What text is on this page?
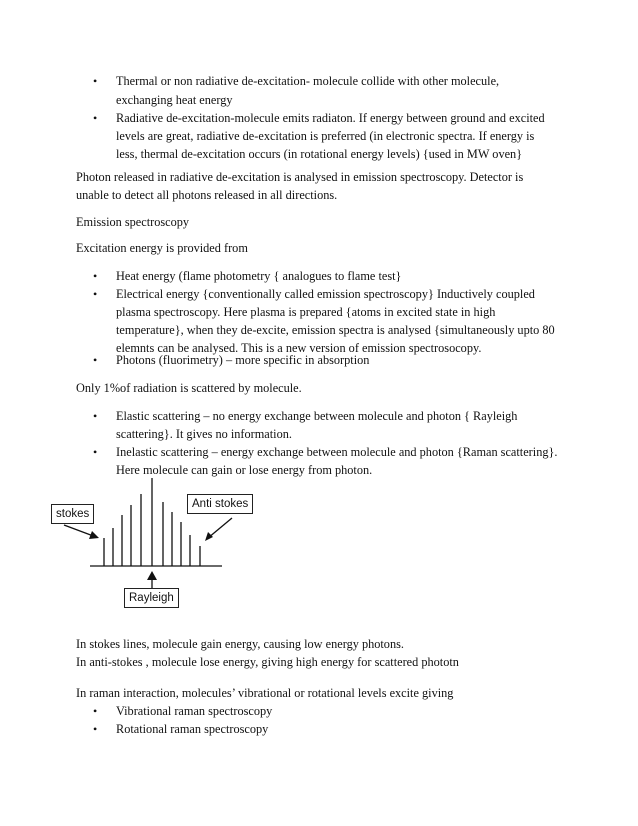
• Thermal or non radiative de-excitation- molecule collide with other molecule,
exchanging heat energy
• Radiative de-excitation-molecule emits radiaton. If energy between ground and excited
levels are great, radiative de-excitation is preferred (in electronic spectra. If energy is
less, thermal de-excitation occurs (in rotational energy levels) {used in MW oven}
Photon released in radiative de-excitation is analysed in emission spectroscopy. Detector is
unable to detect all photons released in all directions.
Emission spectroscopy
Excitation energy is provided from
• Heat energy (flame photometry { analogues to flame test}
• Electrical energy {conventionally called emission spectroscopy} Inductively coupled
plasma spectroscopy. Here plasma is prepared {atoms in excited state in high
temperature}, when they de-excite, emission spectra is analysed {simultaneously upto 80
elemnts can be analysed. This is a new version of emission spectrosocopy.
• Photons (fluorimetry) – more specific in absorption
Only 1%of radiation is scattered by molecule.
• Elastic scattering – no energy exchange between molecule and photon { Rayleigh
scattering}. It gives no information.
• Inelastic scattering – energy exchange between molecule and photon {Raman scattering}.
Here molecule can gain or lose energy from photon.
stokes
Anti stokes
Rayleigh
In stokes lines, molecule gain energy, causing low energy photons.
In anti-stokes , molecule lose energy, giving high energy for scattered phototn
In raman interaction, molecules’ vibrational or rotational levels excite giving
• Vibrational raman spectroscopy
• Rotational raman spectroscopy
